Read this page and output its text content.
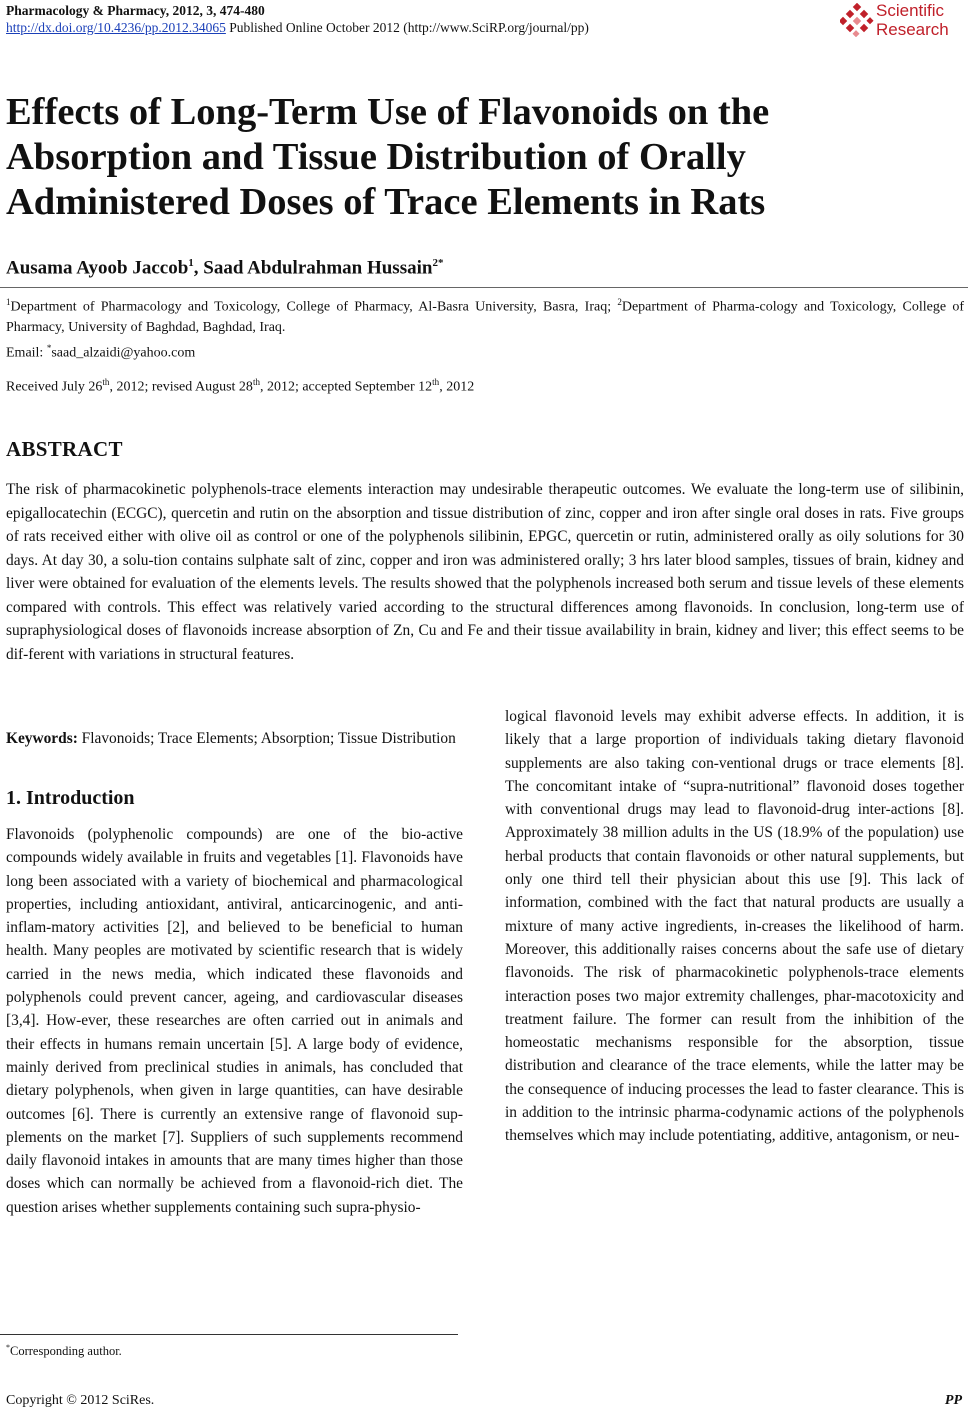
Pharmacology & Pharmacy, 2012, 3, 474-480
http://dx.doi.org/10.4236/pp.2012.34065 Published Online October 2012 (http://www.SciRP.org/journal/pp)
Scientific
Research
Effects of Long-Term Use of Flavonoids on the Absorption and Tissue Distribution of Orally Administered Doses of Trace Elements in Rats
Ausama Ayoob Jaccob$^1$, Saad Abdulrahman Hussain$^{2*}$
$^1$Department of Pharmacology and Toxicology, College of Pharmacy, Al-Basra University, Basra, Iraq; $^2$Department of Pharma-cology and Toxicology, College of Pharmacy, University of Baghdad, Baghdad, Iraq.
Email: *saad_alzaidi@yahoo.com
Received July 26th, 2012; revised August 28th, 2012; accepted September 12th, 2012
ABSTRACT

The risk of pharmacokinetic polyphenols-trace elements interaction may undesirable therapeutic outcomes. We evaluate the long-term use of silibinin, epigallocatechin (ECGC), quercetin and rutin on the absorption and tissue distribution of zinc, copper and iron after single oral doses in rats. Five groups of rats received either with olive oil as control or one of the polyphenols silibinin, EPGC, quercetin or rutin, administered orally as oily solutions for 30 days. At day 30, a solu-tion contains sulphate salt of zinc, copper and iron was administered orally; 3 hrs later blood samples, tissues of brain, kidney and liver were obtained for evaluation of the elements levels. The results showed that the polyphenols increased both serum and tissue levels of these elements compared with controls. This effect was relatively varied according to the structural differences among flavonoids. In conclusion, long-term use of supraphysiological doses of flavonoids increase absorption of Zn, Cu and Fe and their tissue availability in brain, kidney and liver; this effect seems to be dif-ferent with variations in structural features.

Keywords: Flavonoids; Trace Elements; Absorption; Tissue Distribution
1. Introduction

Flavonoids (polyphenolic compounds) are one of the bio-active compounds widely available in fruits and vegetables [1]. Flavonoids have long been associated with a variety of biochemical and pharmacological properties, including antioxidant, antiviral, anticarcinogenic, and anti-inflam-matory activities [2], and believed to be beneficial to human health. Many peoples are motivated by scientific research that is widely carried in the news media, which indicated these flavonoids and polyphenols could prevent cancer, ageing, and cardiovascular diseases [3,4]. How-ever, these researches are often carried out in animals and their effects in humans remain uncertain [5]. A large body of evidence, mainly derived from preclinical studies in animals, has concluded that dietary polyphenols, when given in large quantities, can have desirable outcomes [6]. There is currently an extensive range of flavonoid sup-plements on the market [7]. Suppliers of such supplements recommend daily flavonoid intakes in amounts that are many times higher than those doses which can normally be achieved from a flavonoid-rich diet. The question arises whether supplements containing such supra-physio-

logical flavonoid levels may exhibit adverse effects. In addition, it is likely that a large proportion of individuals taking dietary flavonoid supplements are also taking con-ventional drugs or trace elements [8]. The concomitant intake of “supra-nutritional” flavonoid doses together with conventional drugs may lead to flavonoid-drug inter-actions [8]. Approximately 38 million adults in the US (18.9% of the population) use herbal products that contain flavonoids or other natural supplements, but only one third tell their physician about this use [9]. This lack of information, combined with the fact that natural products are usually a mixture of many active ingredients, in-creases the likelihood of harm. Moreover, this additionally raises concerns about the safe use of dietary flavonoids. The risk of pharmacokinetic polyphenols-trace elements interaction poses two major extremity challenges, phar-macotoxicity and treatment failure. The former can result from the inhibition of the homeostatic mechanisms responsible for the absorption, tissue distribution and clearance of the trace elements, while the latter may be the consequence of inducing processes the lead to faster clearance. This is in addition to the intrinsic pharma-codynamic actions of the polyphenols themselves which may include potentiating, additive, antagonism, or neu-

*Corresponding author.
Copyright © 2012 SciRes.	PP
